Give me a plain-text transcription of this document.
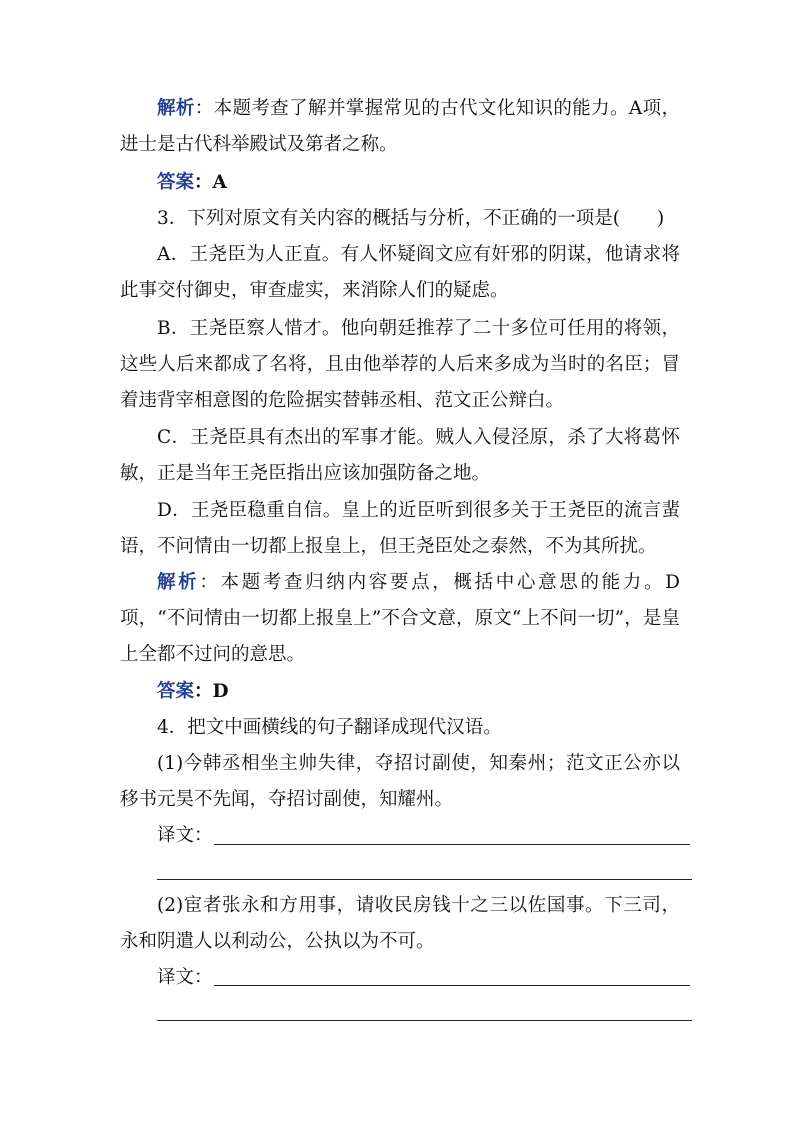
解析：本题考查了解并掌握常见的古代文化知识的能力。A项，进士是古代科举殿试及第者之称。
答案：A
3．下列对原文有关内容的概括与分析，不正确的一项是(　　)
A．王尧臣为人正直。有人怀疑阎文应有奸邪的阴谋，他请求将此事交付御史，审查虚实，来消除人们的疑虑。
B．王尧臣察人惜才。他向朝廷推荐了二十多位可任用的将领，这些人后来都成了名将，且由他举荐的人后来多成为当时的名臣；冒着违背宰相意图的危险据实替韩丞相、范文正公辩白。
C．王尧臣具有杰出的军事才能。贼人入侵泾原，杀了大将葛怀敏，正是当年王尧臣指出应该加强防备之地。
D．王尧臣稳重自信。皇上的近臣听到很多关于王尧臣的流言蜚语，不问情由一切都上报皇上，但王尧臣处之泰然，不为其所扰。
解析：本题考查归纳内容要点，概括中心意思的能力。D项，“不问情由一切都上报皇上”不合文意，原文“上不问一切”，是皇上全都不过问的意思。
答案：D
4．把文中画横线的句子翻译成现代汉语。
(1)今韩丞相坐主帅失律，夺招讨副使，知秦州；范文正公亦以移书元昊不先闻，夺招讨副使，知耀州。
译文：
(2)宦者张永和方用事，请收民房钱十之三以佐国事。下三司，永和阴遣人以利动公，公执以为不可。
译文：
